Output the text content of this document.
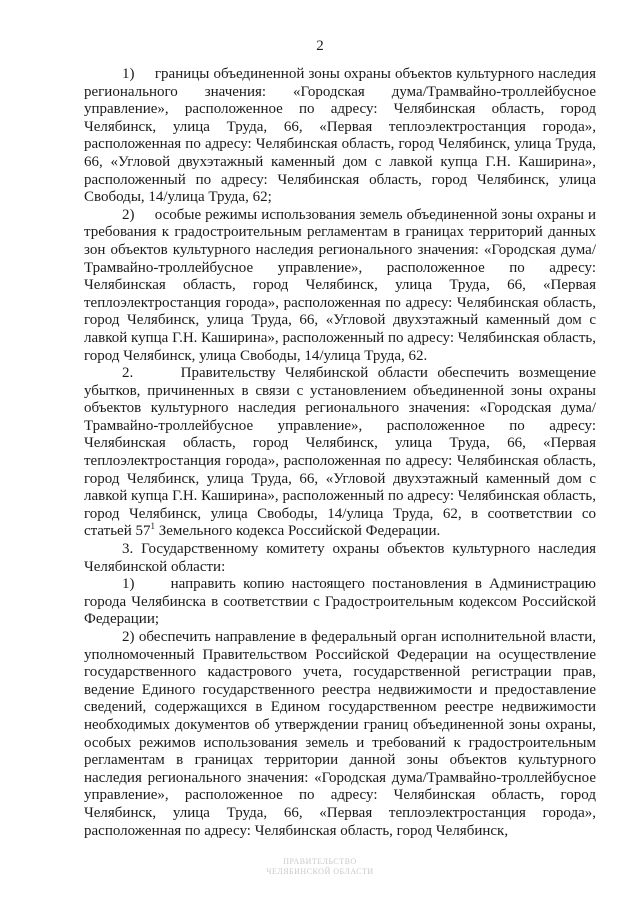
2

1)     границы объединенной зоны охраны объектов культурного наследия регионального значения: «Городская дума/Трамвайно-троллейбусное управление», расположенное по адресу: Челябинская область, город Челябинск, улица Труда, 66, «Первая теплоэлектростанция города», расположенная по адресу: Челябинская область, город Челябинск, улица Труда, 66, «Угловой двухэтажный каменный дом с лавкой купца Г.Н. Каширина», расположенный по адресу: Челябинская область, город Челябинск, улица Свободы, 14/улица Труда, 62;

2)     особые режимы использования земель объединенной зоны охраны и требования к градостроительным регламентам в границах территорий данных зон объектов культурного наследия регионального значения: «Городская дума/Трамвайно-троллейбусное управление», расположенное по адресу: Челябинская область, город Челябинск, улица Труда, 66, «Первая теплоэлектростанция города», расположенная по адресу: Челябинская область, город Челябинск, улица Труда, 66, «Угловой двухэтажный каменный дом с лавкой купца Г.Н. Каширина», расположенный по адресу: Челябинская область, город Челябинск, улица Свободы, 14/улица Труда, 62.

2.     Правительству Челябинской области обеспечить возмещение убытков, причиненных в связи с установлением объединенной зоны охраны объектов культурного наследия регионального значения: «Городская дума/Трамвайно-троллейбусное управление», расположенное по адресу: Челябинская область, город Челябинск, улица Труда, 66, «Первая теплоэлектростанция города», расположенная по адресу: Челябинская область, город Челябинск, улица Труда, 66, «Угловой двухэтажный каменный дом с лавкой купца Г.Н. Каширина», расположенный по адресу: Челябинская область, город Челябинск, улица Свободы, 14/улица Труда, 62, в соответствии со статьей $57^1$ Земельного кодекса Российской Федерации.

3. Государственному комитету охраны объектов культурного наследия Челябинской области:

1)     направить копию настоящего постановления в Администрацию города Челябинска в соответствии с Градостроительным кодексом Российской Федерации;

2) обеспечить направление в федеральный орган исполнительной власти, уполномоченный Правительством Российской Федерации на осуществление государственного кадастрового учета, государственной регистрации прав, ведение Единого государственного реестра недвижимости и предоставление сведений, содержащихся в Едином государственном реестре недвижимости необходимых документов об утверждении границ объединенной зоны охраны, особых режимов использования земель и требований к градостроительным регламентам в границах территории данной зоны объектов культурного наследия регионального значения: «Городская дума/Трамвайно-троллейбусное управление», расположенное по адресу: Челябинская область, город Челябинск, улица Труда, 66, «Первая теплоэлектростанция города», расположенная по адресу: Челябинская область, город Челябинск,

ПРАВИТЕЛЬСТВО
ЧЕЛЯБИНСКОЙ ОБЛАСТИ
